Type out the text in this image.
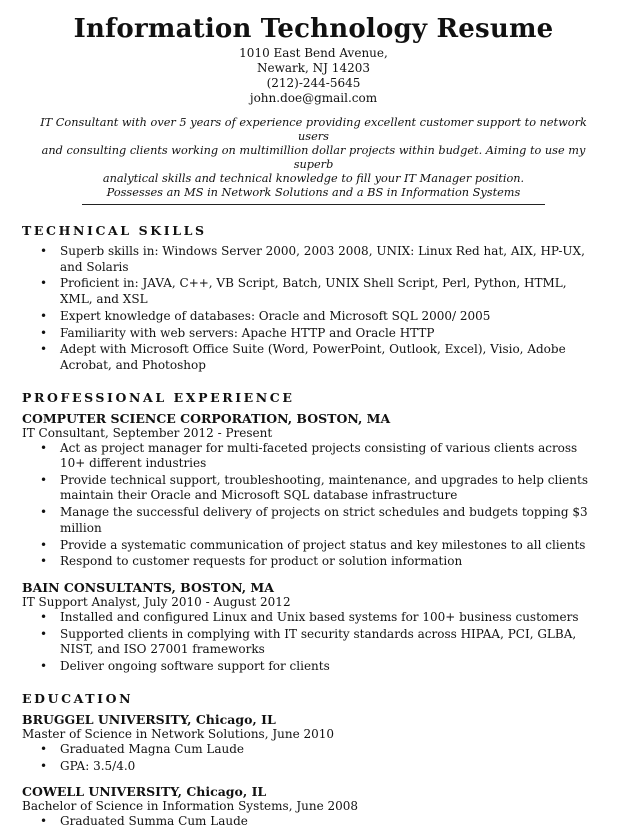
Information Technology Resume
1010 East Bend Avenue,
Newark, NJ 14203
(212)-244-5645
john.doe@gmail.com
IT Consultant with over 5 years of experience providing excellent customer support to network users
and consulting clients working on multimillion dollar projects within budget. Aiming to use my superb
analytical skills and technical knowledge to fill your IT Manager position.
Possesses an MS in Network Solutions and a BS in Information Systems
TECHNICAL SKILLS
• Superb skills in: Windows Server 2000, 2003 2008, UNIX: Linux Red hat, AIX, HP-UX, and Solaris
• Proficient in: JAVA, C++, VB Script, Batch, UNIX Shell Script, Perl, Python, HTML, XML, and XSL
• Expert knowledge of databases: Oracle and Microsoft SQL 2000/ 2005
• Familiarity with web servers: Apache HTTP and Oracle HTTP
• Adept with Microsoft Office Suite (Word, PowerPoint, Outlook, Excel), Visio, Adobe Acrobat, and Photoshop
PROFESSIONAL EXPERIENCE
COMPUTER SCIENCE CORPORATION, BOSTON, MA
IT Consultant, September 2012 - Present
• Act as project manager for multi-faceted projects consisting of various clients across 10+ different industries
• Provide technical support, troubleshooting, maintenance, and upgrades to help clients maintain their Oracle and Microsoft SQL database infrastructure
• Manage the successful delivery of projects on strict schedules and budgets topping $3 million
• Provide a systematic communication of project status and key milestones to all clients
• Respond to customer requests for product or solution information
BAIN CONSULTANTS, BOSTON, MA
IT Support Analyst, July 2010 - August 2012
• Installed and configured Linux and Unix based systems for 100+ business customers
• Supported clients in complying with IT security standards across HIPAA, PCI, GLBA, NIST, and ISO 27001 frameworks
• Deliver ongoing software support for clients
EDUCATION
BRUGGEL UNIVERSITY, Chicago, IL
Master of Science in Network Solutions, June 2010
• Graduated Magna Cum Laude
• GPA: 3.5/4.0
COWELL UNIVERSITY, Chicago, IL
Bachelor of Science in Information Systems, June 2008
• Graduated Summa Cum Laude
